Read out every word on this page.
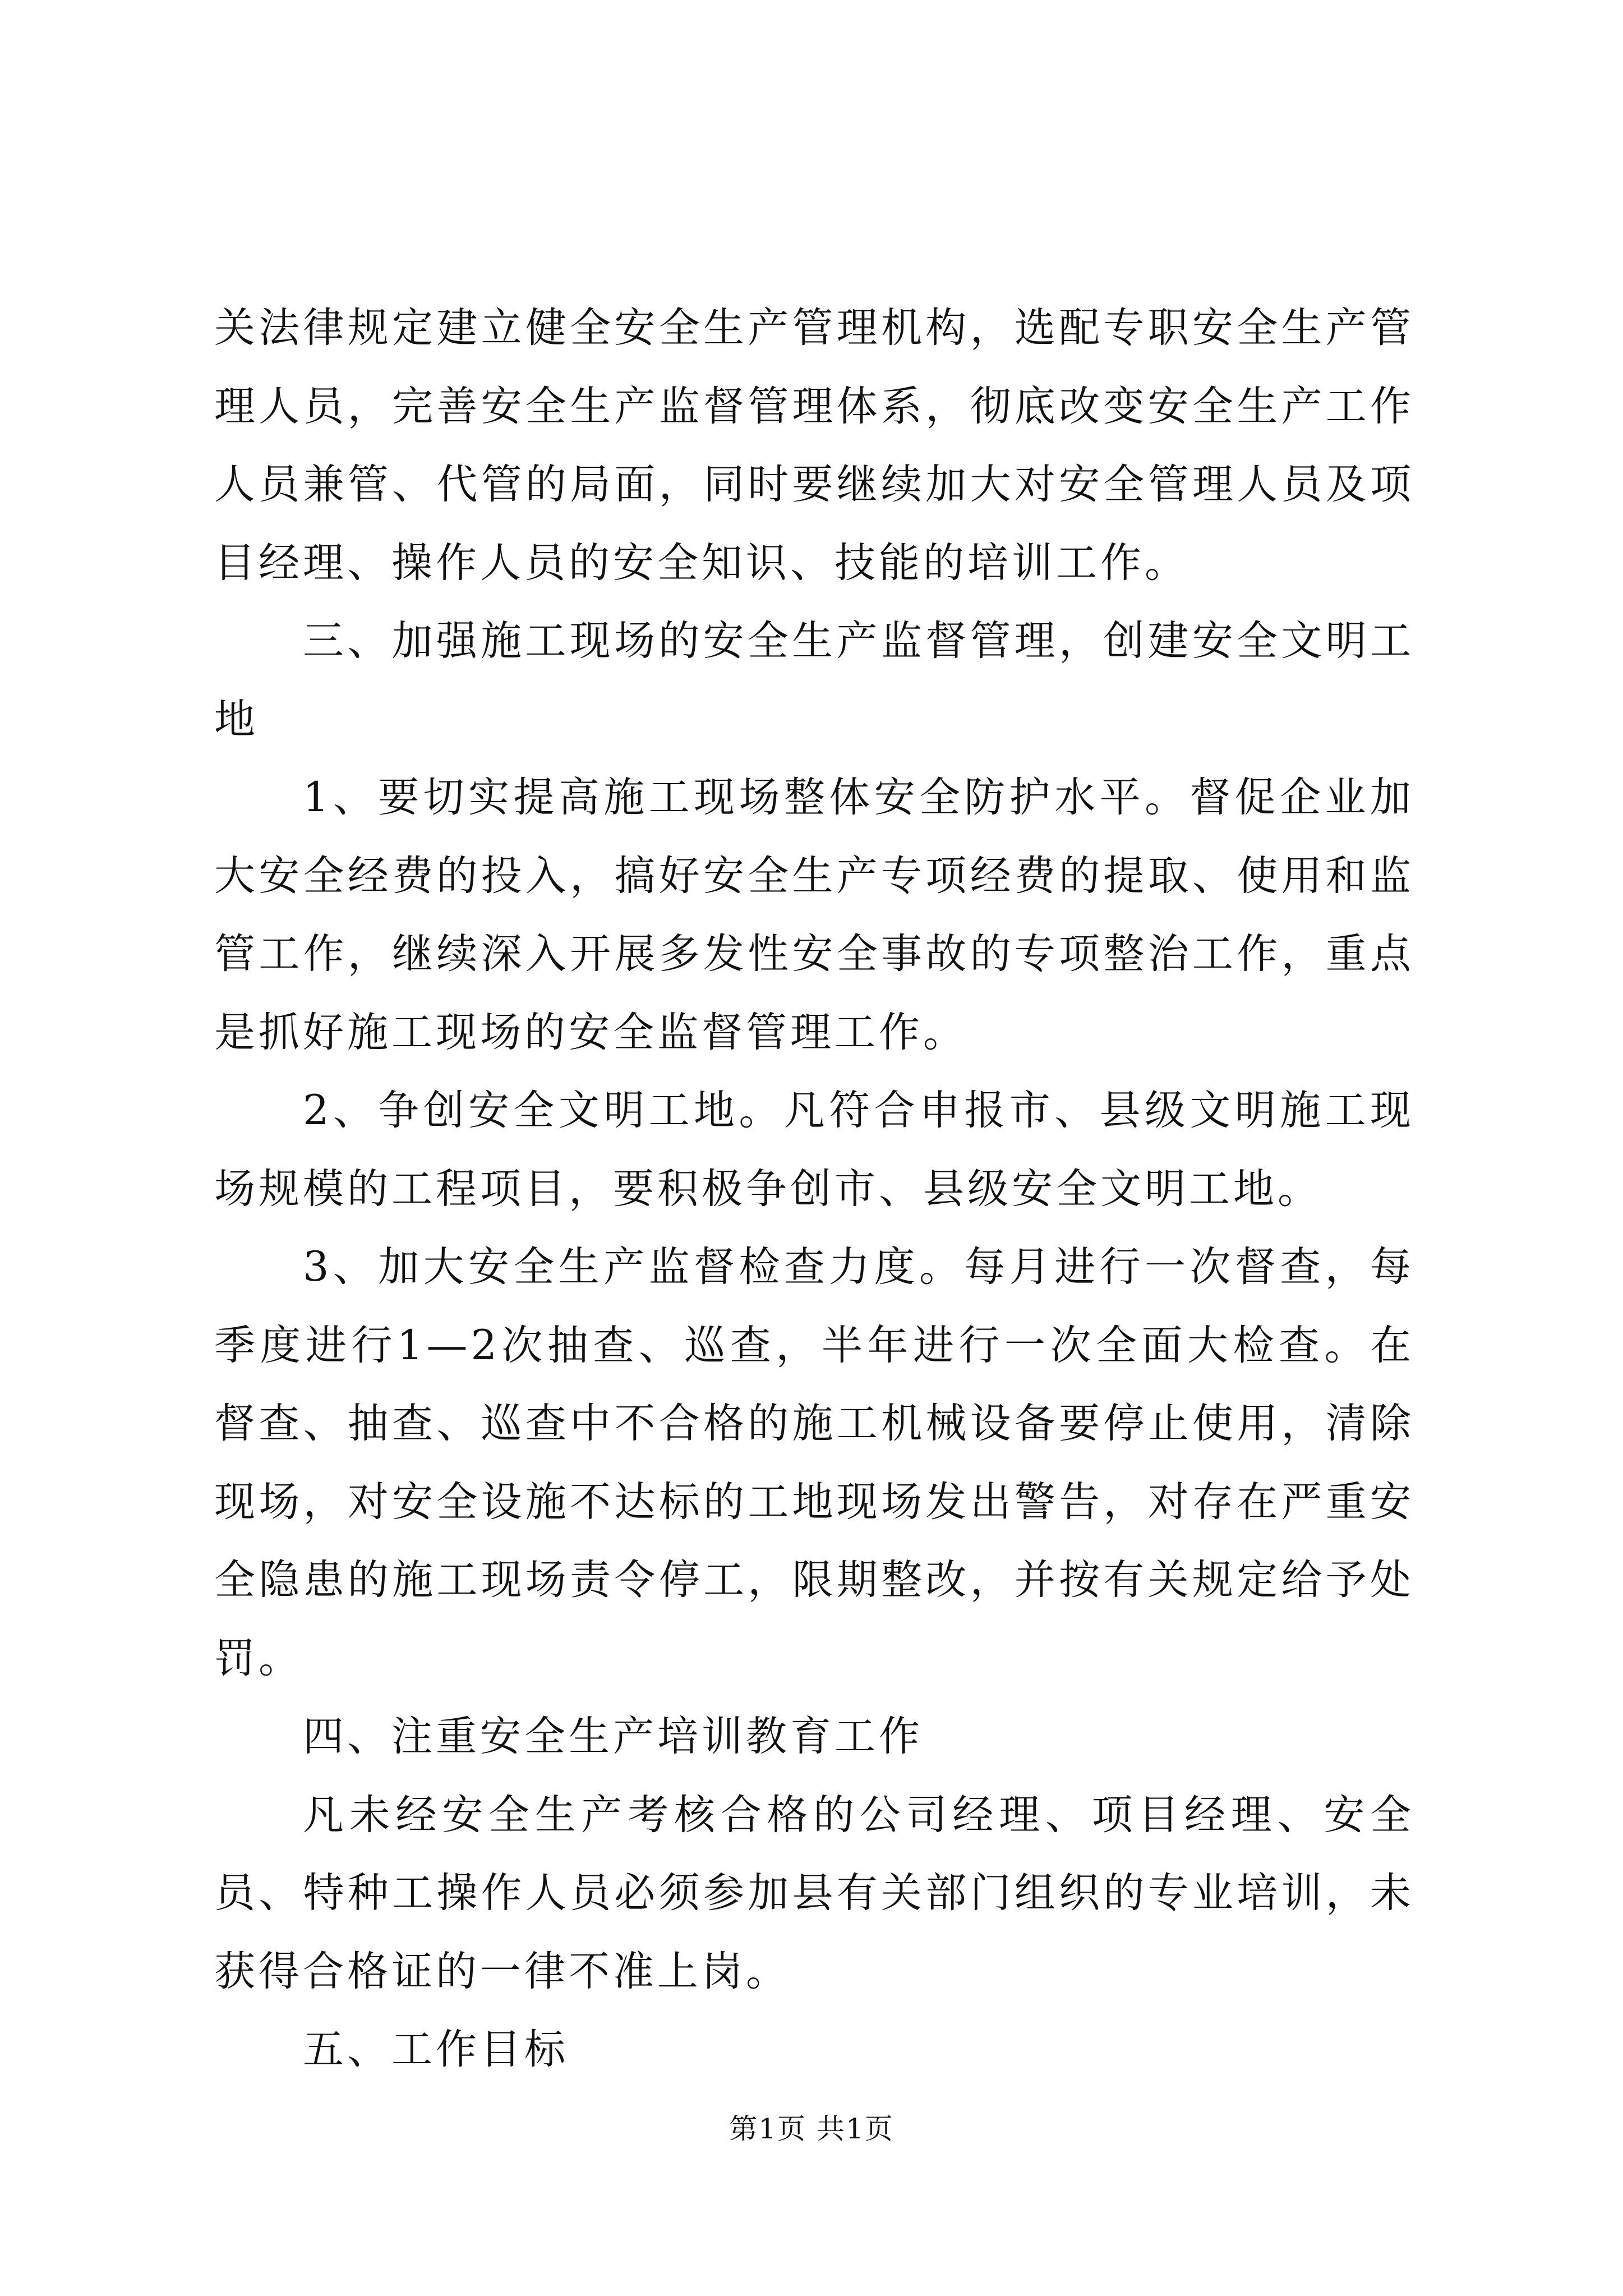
关法律规定建立健全安全生产管理机构，选配专职安全生产管理人员，完善安全生产监督管理体系，彻底改变安全生产工作人员兼管、代管的局面，同时要继续加大对安全管理人员及项目经理、操作人员的安全知识、技能的培训工作。

三、加强施工现场的安全生产监督管理，创建安全文明工地

1、要切实提高施工现场整体安全防护水平。督促企业加大安全经费的投入，搞好安全生产专项经费的提取、使用和监管工作，继续深入开展多发性安全事故的专项整治工作，重点是抓好施工现场的安全监督管理工作。

2、争创安全文明工地。凡符合申报市、县级文明施工现场规模的工程项目，要积极争创市、县级安全文明工地。

3、加大安全生产监督检查力度。每月进行一次督查，每季度进行1—2次抽查、巡查，半年进行一次全面大检查。在督查、抽查、巡查中不合格的施工机械设备要停止使用，清除现场，对安全设施不达标的工地现场发出警告，对存在严重安全隐患的施工现场责令停工，限期整改，并按有关规定给予处罚。

四、注重安全生产培训教育工作

凡未经安全生产考核合格的公司经理、项目经理、安全员、特种工操作人员必须参加县有关部门组织的专业培训，未获得合格证的一律不准上岗。

五、工作目标

第1页 共1页
